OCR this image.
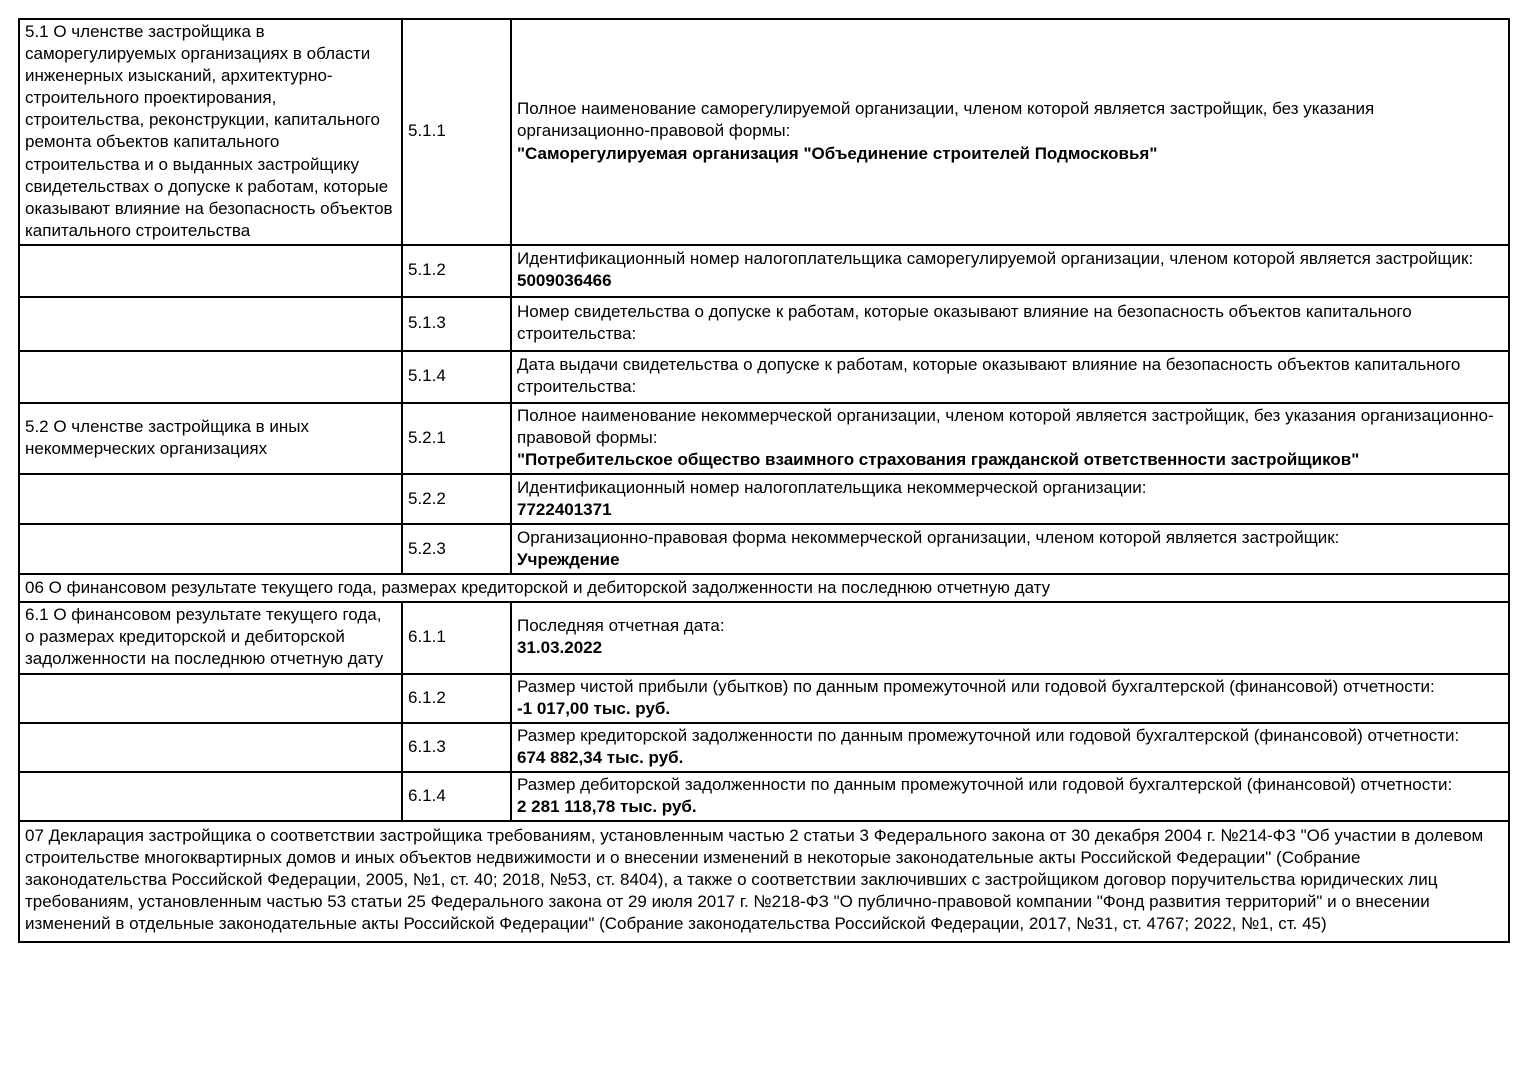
5.1 О членстве застройщика в саморегулируемых организациях в области инженерных изысканий, архитектурно-строительного проектирования, строительства, реконструкции, капитального ремонта объектов капитального строительства и о выданных застройщику свидетельствах о допуске к работам, которые оказывают влияние на безопасность объектов капитального строительства	5.1.1	Полное наименование саморегулируемой организации, членом которой является застройщик, без указания организационно-правовой формы:
"Саморегулируемая организация "Объединение строителей Подмосковья"

	5.1.2	Идентификационный номер налогоплательщика саморегулируемой организации, членом которой является застройщик:
5009036466

	5.1.3	Номер свидетельства о допуске к работам, которые оказывают влияние на безопасность объектов капитального строительства:

	5.1.4	Дата выдачи свидетельства о допуске к работам, которые оказывают влияние на безопасность объектов капитального строительства:

5.2 О членстве застройщика в иных некоммерческих организациях	5.2.1	Полное наименование некоммерческой организации, членом которой является застройщик, без указания организационно-правовой формы:
"Потребительское общество взаимного страхования гражданской ответственности застройщиков"

	5.2.2	Идентификационный номер налогоплательщика некоммерческой организации:
7722401371

	5.2.3	Организационно-правовая форма некоммерческой организации, членом которой является застройщик:
Учреждение

06 О финансовом результате текущего года, размерах кредиторской и дебиторской задолженности на последнюю отчетную дату		
6.1 О финансовом результате текущего года, о размерах кредиторской и дебиторской задолженности на последнюю отчетную дату	6.1.1	Последняя отчетная дата:
31.03.2022

	6.1.2	Размер чистой прибыли (убытков) по данным промежуточной или годовой бухгалтерской (финансовой) отчетности:
-1 017,00 тыс. руб.

	6.1.3	Размер кредиторской задолженности по данным промежуточной или годовой бухгалтерской (финансовой) отчетности:
674 882,34 тыс. руб.

	6.1.4	Размер дебиторской задолженности по данным промежуточной или годовой бухгалтерской (финансовой) отчетности:
2 281 118,78 тыс. руб.

07 Декларация застройщика о соответствии застройщика требованиям, установленным частью 2 статьи 3 Федерального закона от 30 декабря 2004 г. №214-ФЗ "Об участии в долевом строительстве многоквартирных домов и иных объектов недвижимости и о внесении изменений в некоторые законодательные акты Российской Федерации" (Собрание законодательства Российской Федерации, 2005, №1, ст. 40; 2018, №53, ст. 8404), а также о соответствии заключивших с застройщиком договор поручительства юридических лиц требованиям, установленным частью 53 статьи 25 Федерального закона от 29 июля 2017 г. №218-ФЗ "О публично-правовой компании "Фонд развития территорий" и о внесении изменений в отдельные законодательные акты Российской Федерации" (Собрание законодательства Российской Федерации, 2017, №31, ст. 4767; 2022, №1, ст. 45)		
